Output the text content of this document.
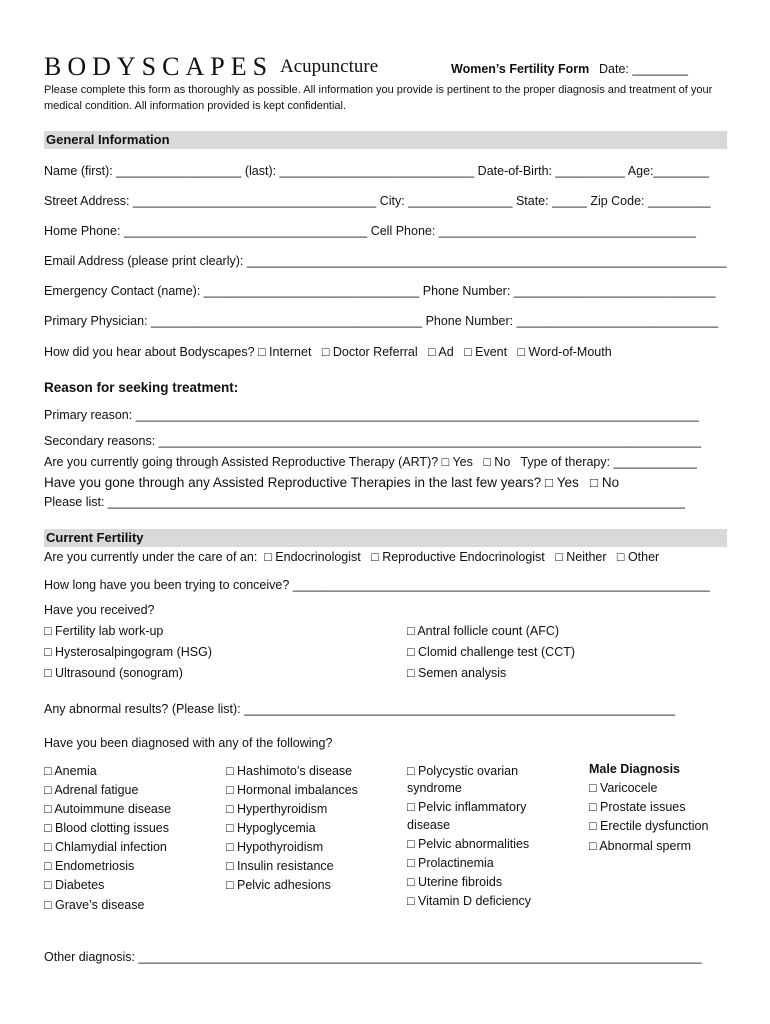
BODYSCAPES Acupuncture	Women’s Fertility Form Date: ________
Please complete this form as thoroughly as possible. All information you provide is pertinent to the proper diagnosis and treatment of your medical condition. All information provided is kept confidential.
General Information
Name (first): __________________ (last): ____________________________ Date-of-Birth: __________ Age:________
Street Address: ___________________________________ City: _______________ State: _____ Zip Code: _________
Home Phone: ___________________________________ Cell Phone: _____________________________________
Email Address (please print clearly): _____________________________________________________________________
Emergency Contact (name): _______________________________ Phone Number: _____________________________
Primary Physician: _______________________________________ Phone Number: _____________________________
How did you hear about Bodyscapes? □ Internet   □ Doctor Referral   □ Ad   □ Event   □ Word-of-Mouth
Reason for seeking treatment:
Primary reason: _________________________________________________________________________________
Secondary reasons: ______________________________________________________________________________
Are you currently going through Assisted Reproductive Therapy (ART)? □ Yes   □ No   Type of therapy: ____________
Have you gone through any Assisted Reproductive Therapies in the last few years? □ Yes   □ No
Please list: ___________________________________________________________________________________
Current Fertility
Are you currently under the care of an:  □ Endocrinologist   □ Reproductive Endocrinologist   □ Neither   □ Other
How long have you been trying to conceive? ____________________________________________________________
Have you received?
□ Fertility lab work-up
□ Hysterosalpingogram (HSG)
□ Ultrasound (sonogram)
□ Antral follicle count (AFC)
□ Clomid challenge test (CCT)
□ Semen analysis
Any abnormal results? (Please list): ______________________________________________________________
Have you been diagnosed with any of the following?
□ Anemia
□ Adrenal fatigue
□ Autoimmune disease
□ Blood clotting issues
□ Chlamydial infection
□ Endometriosis
□ Diabetes
□ Grave’s disease
□ Hashimoto’s disease
□ Hormonal imbalances
□ Hyperthyroidism
□ Hypoglycemia
□ Hypothyroidism
□ Insulin resistance
□ Pelvic adhesions
□ Polycystic ovarian
syndrome
□ Pelvic inflammatory
disease
□ Pelvic abnormalities
□ Prolactinemia
□ Uterine fibroids
□ Vitamin D deficiency
Male Diagnosis
□ Varicocele
□ Prostate issues
□ Erectile dysfunction
□ Abnormal sperm
Other diagnosis: _________________________________________________________________________________
